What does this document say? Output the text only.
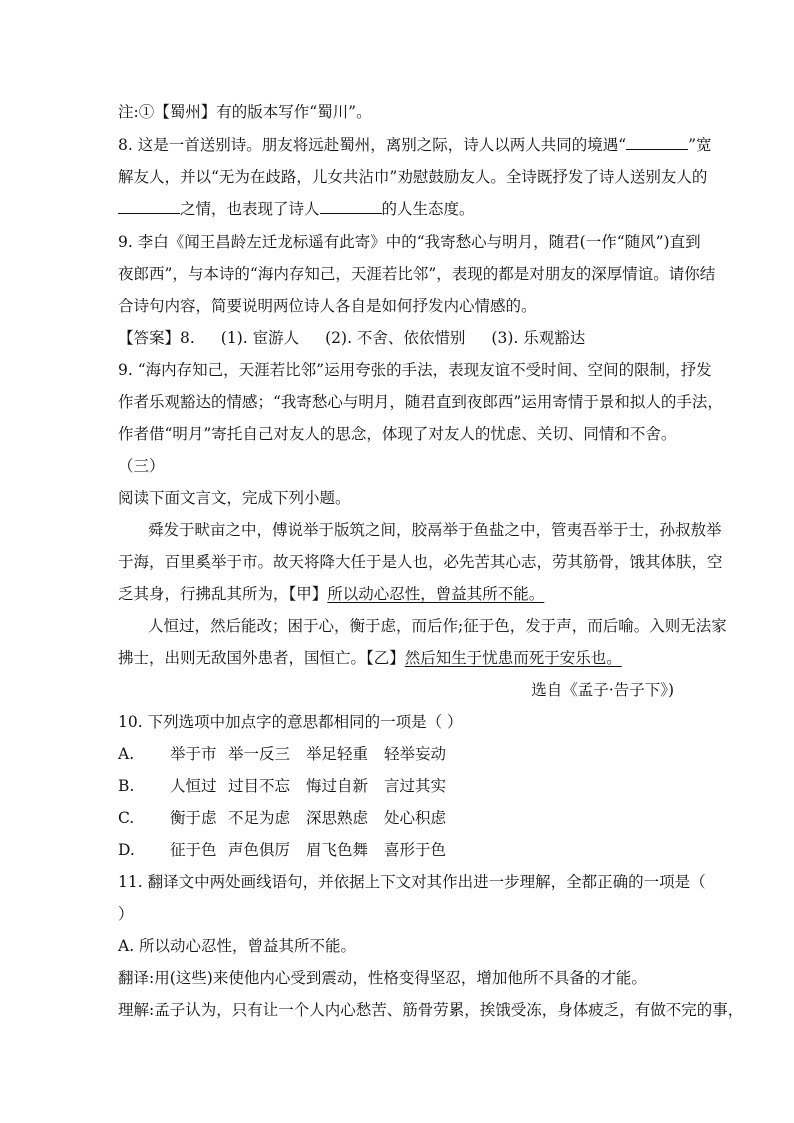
注:①【蜀州】有的版本写作“蜀川”。
8. 这是一首送别诗。朋友将远赴蜀州，离别之际，诗人以两人共同的境遇“	”宽
解友人，并以“无为在歧路，儿女共沾巾”劝慰鼓励友人。全诗既抒发了诗人送别友人的
之情，也表现了诗人	的人生态度。
9. 李白《闻王昌龄左迁龙标遥有此寄》中的“我寄愁心与明月，随君(一作“随风”)直到
夜郎西”，与本诗的“海内存知己，天涯若比邻”，表现的都是对朋友的深厚情谊。请你结
合诗句内容，简要说明两位诗人各自是如何抒发内心情感的。
【答案】8. (1). 宦游人 (2). 不舍、依依惜别 (3). 乐观豁达
9. “海内存知己，天涯若比邻”运用夸张的手法，表现友谊不受时间、空间的限制，抒发
作者乐观豁达的情感；“我寄愁心与明月，随君直到夜郎西”运用寄情于景和拟人的手法，
作者借“明月”寄托自己对友人的思念，体现了对友人的忧虑、关切、同情和不舍。
（三）
阅读下面文言文，完成下列小题。
舜发于畎亩之中，傅说举于版筑之间，胶鬲举于鱼盐之中，管夷吾举于士，孙叔敖举
于海，百里奚举于市。故天将降大任于是人也，必先苦其心志，劳其筋骨，饿其体肤，空
乏其身，行拂乱其所为，【甲】所以动心忍性，曾益其所不能。
人恒过，然后能改；困于心，衡于虑，而后作;征于色，发于声，而后喻。入则无法家
拂士，出则无敌国外患者，国恒亡。【乙】然后知生于忧患而死于安乐也。
选自《孟子·告子下》)
10. 下列选项中加点字的意思都相同的一项是（ ）
A. 举于市 举一反三 举足轻重 轻举妄动
B. 人恒过 过目不忘 悔过自新 言过其实
C. 衡于虑 不足为虑 深思熟虑 处心积虑
D. 征于色 声色俱厉 眉飞色舞 喜形于色
11. 翻译文中两处画线语句，并依据上下文对其作出进一步理解，全都正确的一项是（
）
A. 所以动心忍性，曾益其所不能。
翻译:用(这些)来使他内心受到震动，性格变得坚忍，增加他所不具备的才能。
理解:孟子认为，只有让一个人内心愁苦、筋骨劳累，挨饿受冻，身体疲乏，有做不完的事，
